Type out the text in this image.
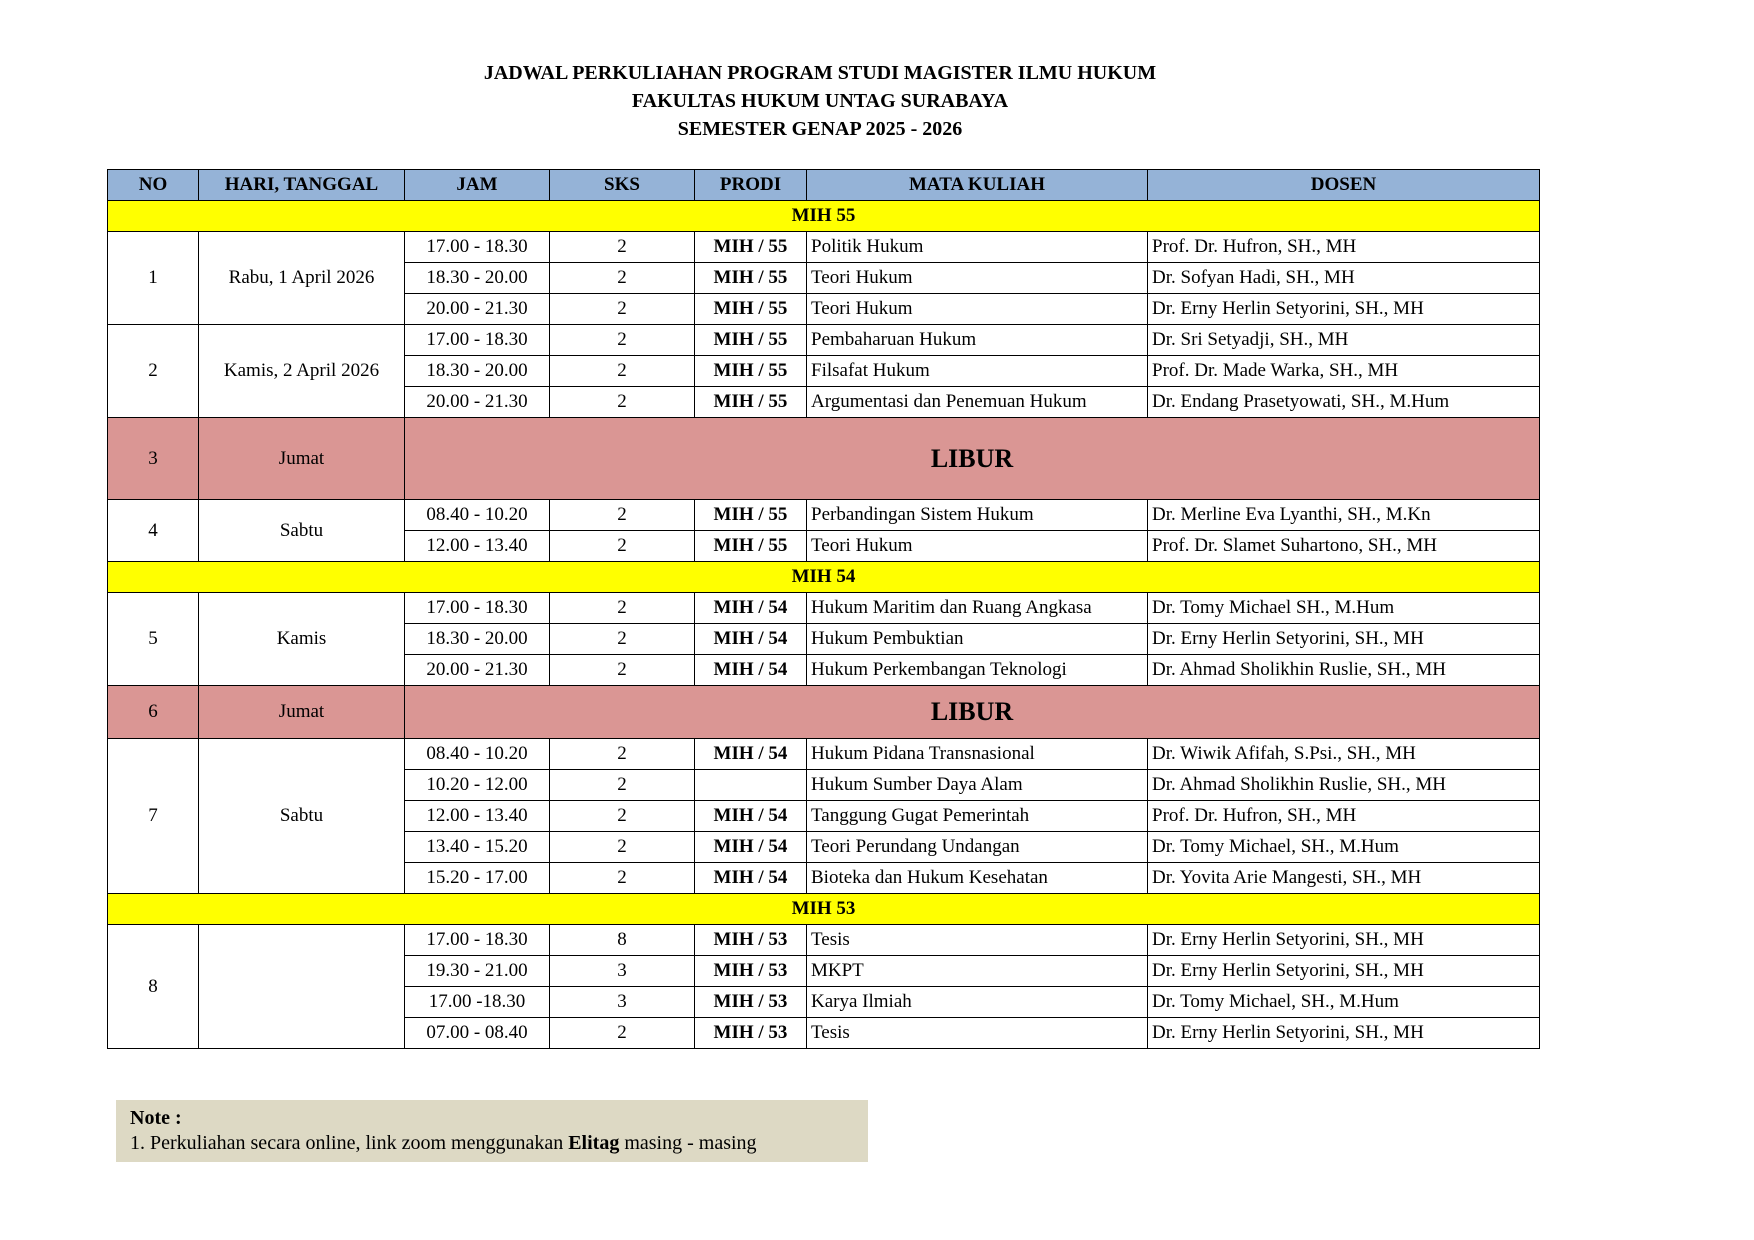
JADWAL PERKULIAHAN PROGRAM STUDI MAGISTER ILMU HUKUM
FAKULTAS HUKUM UNTAG SURABAYA
SEMESTER GENAP 2025 - 2026
NO	HARI, TANGGAL	JAM	SKS	PRODI	MATA KULIAH	DOSEN
MIH 55						
1	Rabu, 1 April 2026	17.00 - 18.30	2	MIH / 55	Politik Hukum	Prof. Dr. Hufron, SH., MH
		18.30 - 20.00	2	MIH / 55	Teori Hukum	Dr. Sofyan Hadi, SH., MH
		20.00 - 21.30	2	MIH / 55	Teori Hukum	Dr. Erny Herlin Setyorini, SH., MH
2	Kamis, 2 April 2026	17.00 - 18.30	2	MIH / 55	Pembaharuan Hukum	Dr. Sri Setyadji, SH., MH
		18.30 - 20.00	2	MIH / 55	Filsafat Hukum	Prof. Dr. Made Warka, SH., MH
		20.00 - 21.30	2	MIH / 55	Argumentasi dan Penemuan Hukum	Dr. Endang Prasetyowati, SH., M.Hum
3	Jumat	LIBUR				
4	Sabtu	08.40 - 10.20	2	MIH / 55	Perbandingan Sistem Hukum	Dr. Merline Eva Lyanthi, SH., M.Kn
		12.00 - 13.40	2	MIH / 55	Teori Hukum	Prof. Dr. Slamet Suhartono, SH., MH
MIH 54						
5	Kamis	17.00 - 18.30	2	MIH / 54	Hukum Maritim dan Ruang Angkasa	Dr. Tomy Michael SH., M.Hum
		18.30 - 20.00	2	MIH / 54	Hukum Pembuktian	Dr. Erny Herlin Setyorini, SH., MH
		20.00 - 21.30	2	MIH / 54	Hukum Perkembangan Teknologi	Dr. Ahmad Sholikhin Ruslie, SH., MH
6	Jumat	LIBUR				
7	Sabtu	08.40 - 10.20	2	MIH / 54	Hukum Pidana Transnasional	Dr. Wiwik Afifah, S.Psi., SH., MH
		10.20 - 12.00	2		Hukum Sumber Daya Alam	Dr. Ahmad Sholikhin Ruslie, SH., MH
		12.00 - 13.40	2	MIH / 54	Tanggung Gugat Pemerintah	Prof. Dr. Hufron, SH., MH
		13.40 - 15.20	2	MIH / 54	Teori Perundang Undangan	Dr. Tomy Michael, SH., M.Hum
		15.20 - 17.00	2	MIH / 54	Bioteka dan Hukum Kesehatan	Dr. Yovita Arie Mangesti, SH., MH
MIH 53						
8		17.00 - 18.30	8	MIH / 53	Tesis	Dr. Erny Herlin Setyorini, SH., MH
		19.30 - 21.00	3	MIH / 53	MKPT	Dr. Erny Herlin Setyorini, SH., MH
		17.00 -18.30	3	MIH / 53	Karya Ilmiah	Dr. Tomy Michael, SH., M.Hum
		07.00 - 08.40	2	MIH / 53	Tesis	Dr. Erny Herlin Setyorini, SH., MH
Note :
1. Perkuliahan secara online, link zoom menggunakan Elitag masing - masing
